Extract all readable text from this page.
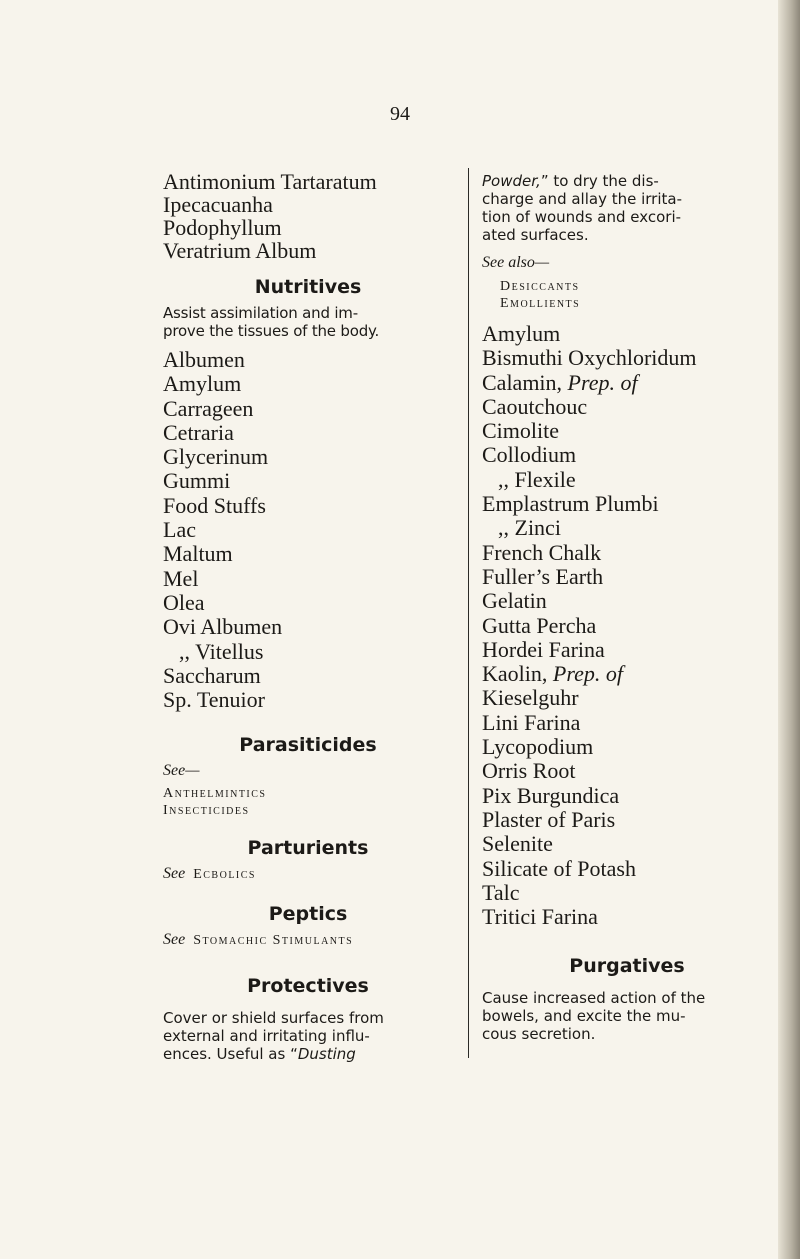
94
Antimonium Tartaratum
Ipecacuanha
Podophyllum
Veratrium Album
Nutritives
Assist assimilation and im-
prove the tissues of the body.
Albumen
Amylum
Carrageen
Cetraria
Glycerinum
Gummi
Food Stuffs
Lac
Maltum
Mel
Olea
Ovi Albumen
,, Vitellus
Saccharum
Sp. Tenuior
Parasiticides
See—
Anthelmintics
Insecticides
Parturients
See Ecbolics
Peptics
See Stomachic Stimulants
Protectives
Cover or shield surfaces from
external and irritating influ-
ences. Useful as “Dusting
Powder,” to dry the dis-
charge and allay the irrita-
tion of wounds and excori-
ated surfaces.
See also—
Desiccants
Emollients
Amylum
Bismuthi Oxychloridum
Calamin, Prep. of
Caoutchouc
Cimolite
Collodium
,, Flexile
Emplastrum Plumbi
,, Zinci
French Chalk
Fuller’s Earth
Gelatin
Gutta Percha
Hordei Farina
Kaolin, Prep. of
Kieselguhr
Lini Farina
Lycopodium
Orris Root
Pix Burgundica
Plaster of Paris
Selenite
Silicate of Potash
Talc
Tritici Farina
Purgatives
Cause increased action of the
bowels, and excite the mu-
cous secretion.
